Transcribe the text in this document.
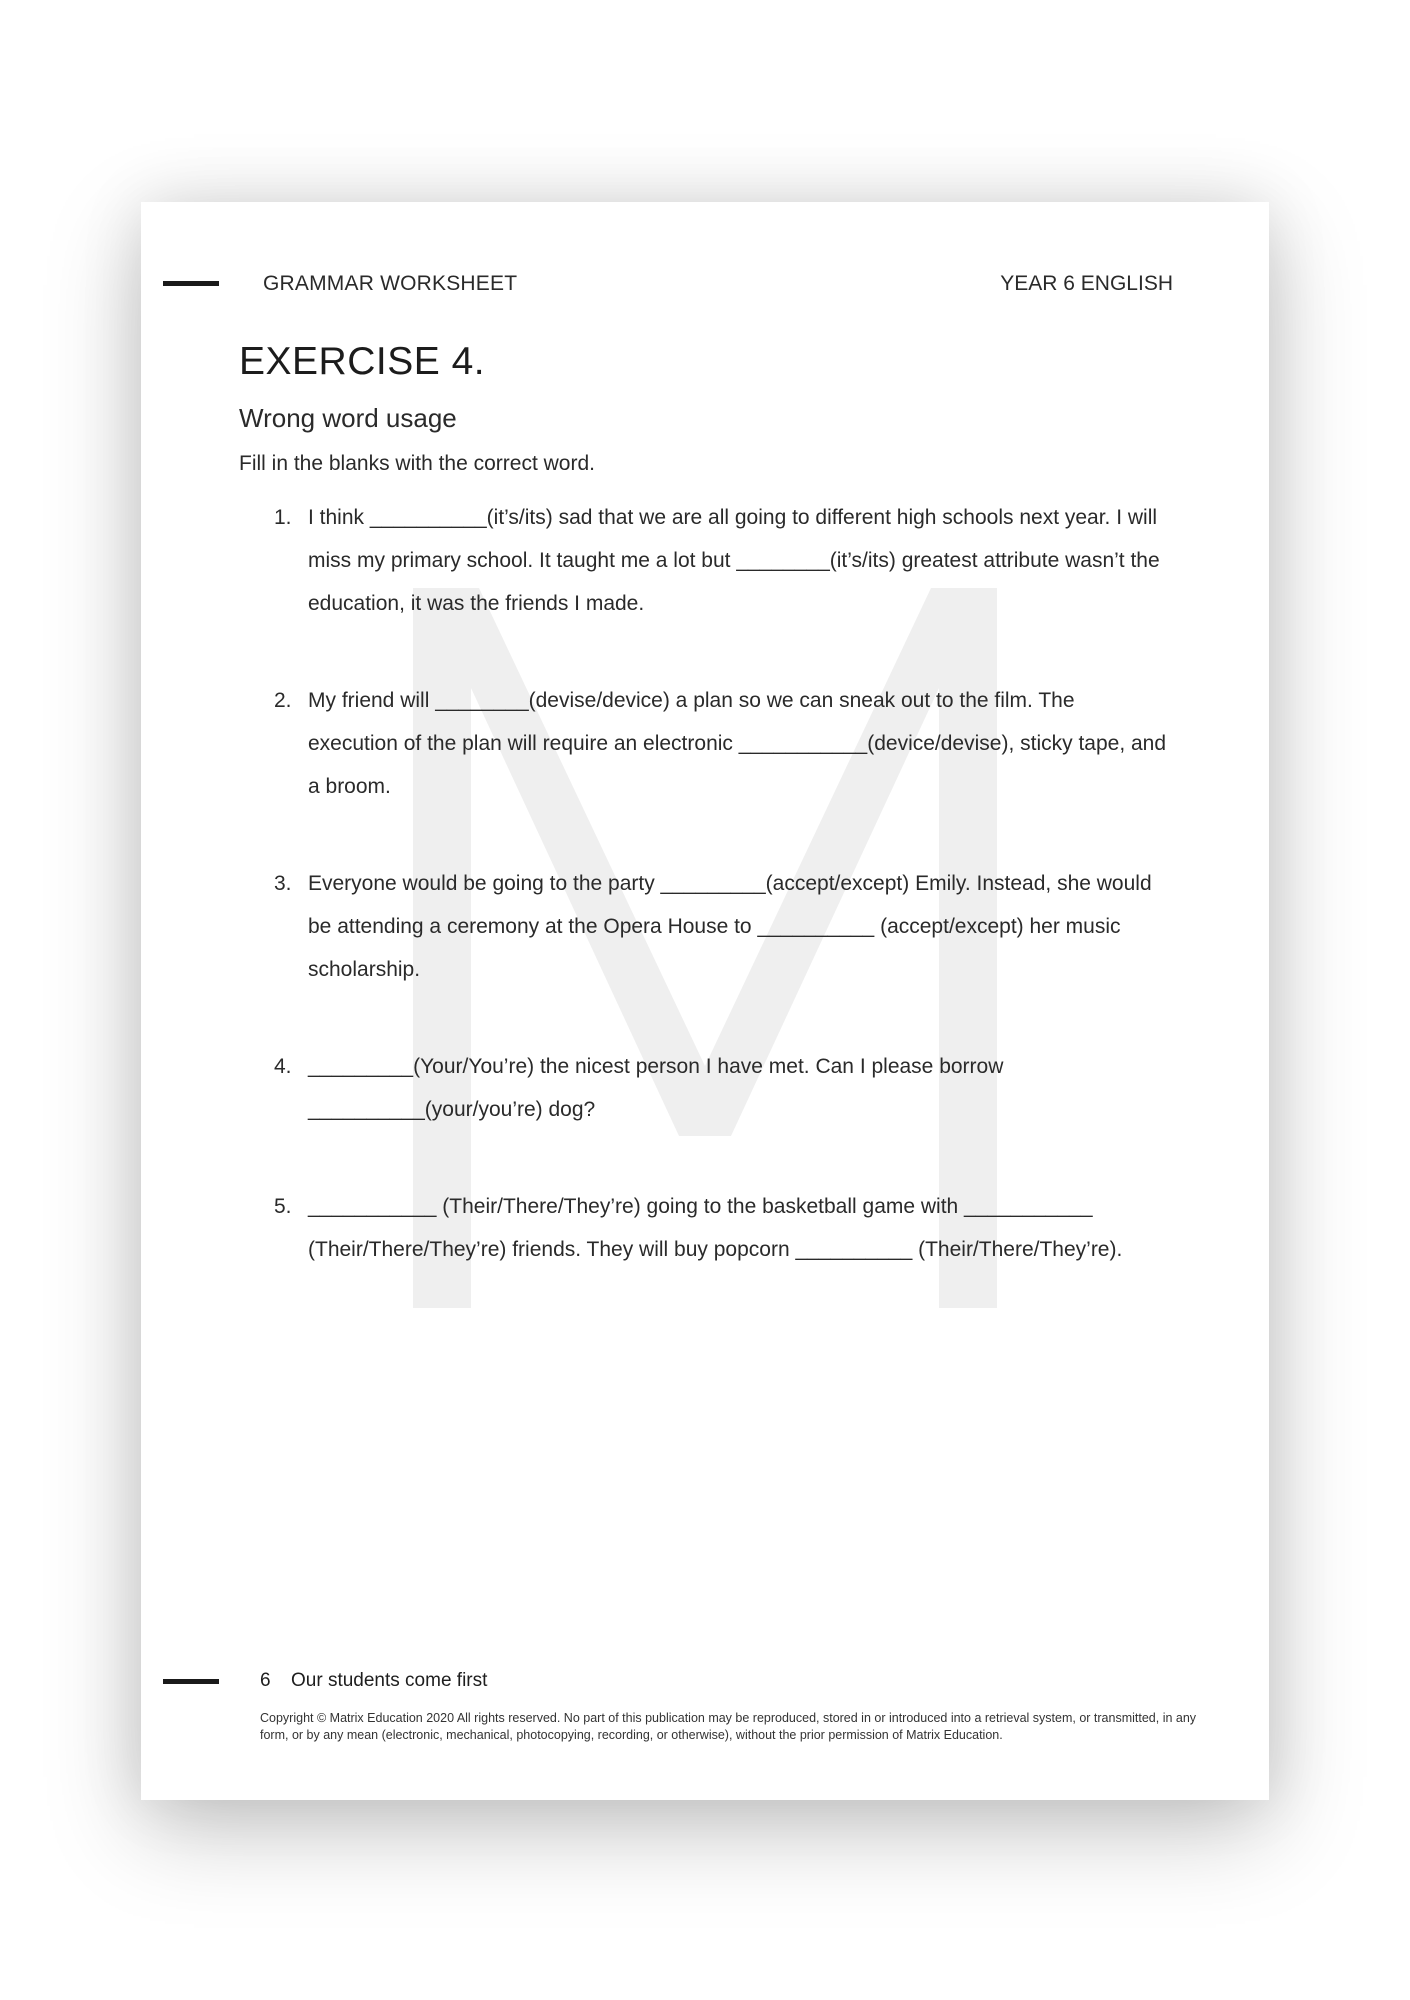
GRAMMAR WORKSHEET	YEAR 6 ENGLISH
EXERCISE 4.
Wrong word usage

Fill in the blanks with the correct word.

1. I think __________(it’s/its) sad that we are all going to different high schools next year. I will miss my primary school. It taught me a lot but ________(it’s/its) greatest attribute wasn’t the education, it was the friends I made.
2. My friend will ________(devise/device) a plan so we can sneak out to the film. The execution of the plan will require an electronic ___________(device/devise), sticky tape, and a broom.
3. Everyone would be going to the party _________(accept/except) Emily. Instead, she would be attending a ceremony at the Opera House to __________ (accept/except) her music scholarship.
4. _________(Your/You’re) the nicest person I have met. Can I please borrow __________(your/you’re) dog?
5. ___________ (Their/There/They’re) going to the basketball game with ___________ (Their/There/They’re) friends. They will buy popcorn __________ (Their/There/They’re).
6 Our students come first
Copyright © Matrix Education 2020 All rights reserved. No part of this publication may be reproduced, stored in or introduced into a retrieval system, or transmitted, in any form, or by any mean (electronic, mechanical, photocopying, recording, or otherwise), without the prior permission of Matrix Education.
